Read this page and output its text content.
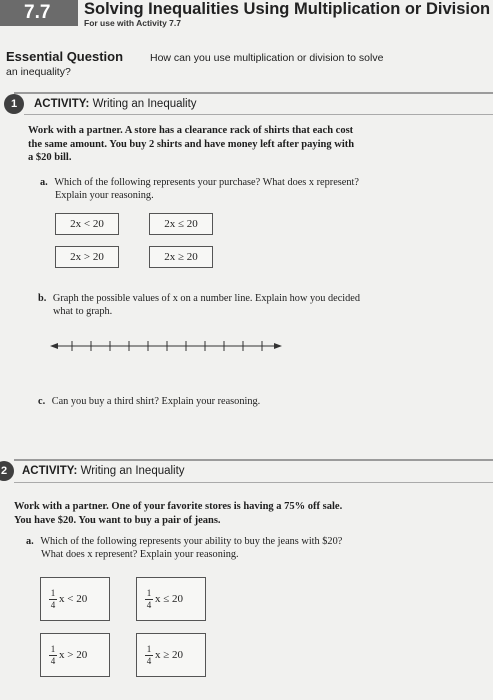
7.7	Solving Inequalities Using Multiplication or Division
For use with Activity 7.7
Essential Question	How can you use multiplication or division to solve
an inequality?
1	ACTIVITY: Writing an Inequality
Work with a partner. A store has a clearance rack of shirts that each cost
the same amount. You buy 2 shirts and have money left after paying with
a $20 bill.
a. Which of the following represents your purchase? What does x represent?
Explain your reasoning.
2x < 20	2x ≤ 20
2x > 20	2x ≥ 20
b. Graph the possible values of x on a number line. Explain how you decided
what to graph.
c. Can you buy a third shirt? Explain your reasoning.
2	ACTIVITY: Writing an Inequality
Work with a partner. One of your favorite stores is having a 75% off sale.
You have $20. You want to buy a pair of jeans.
a. Which of the following represents your ability to buy the jeans with $20?
What does x represent? Explain your reasoning.
$\frac{1}{4}$ x < 20	$\frac{1}{4}$ x ≤ 20
$\frac{1}{4}$ x > 20	$\frac{1}{4}$ x ≥ 20
